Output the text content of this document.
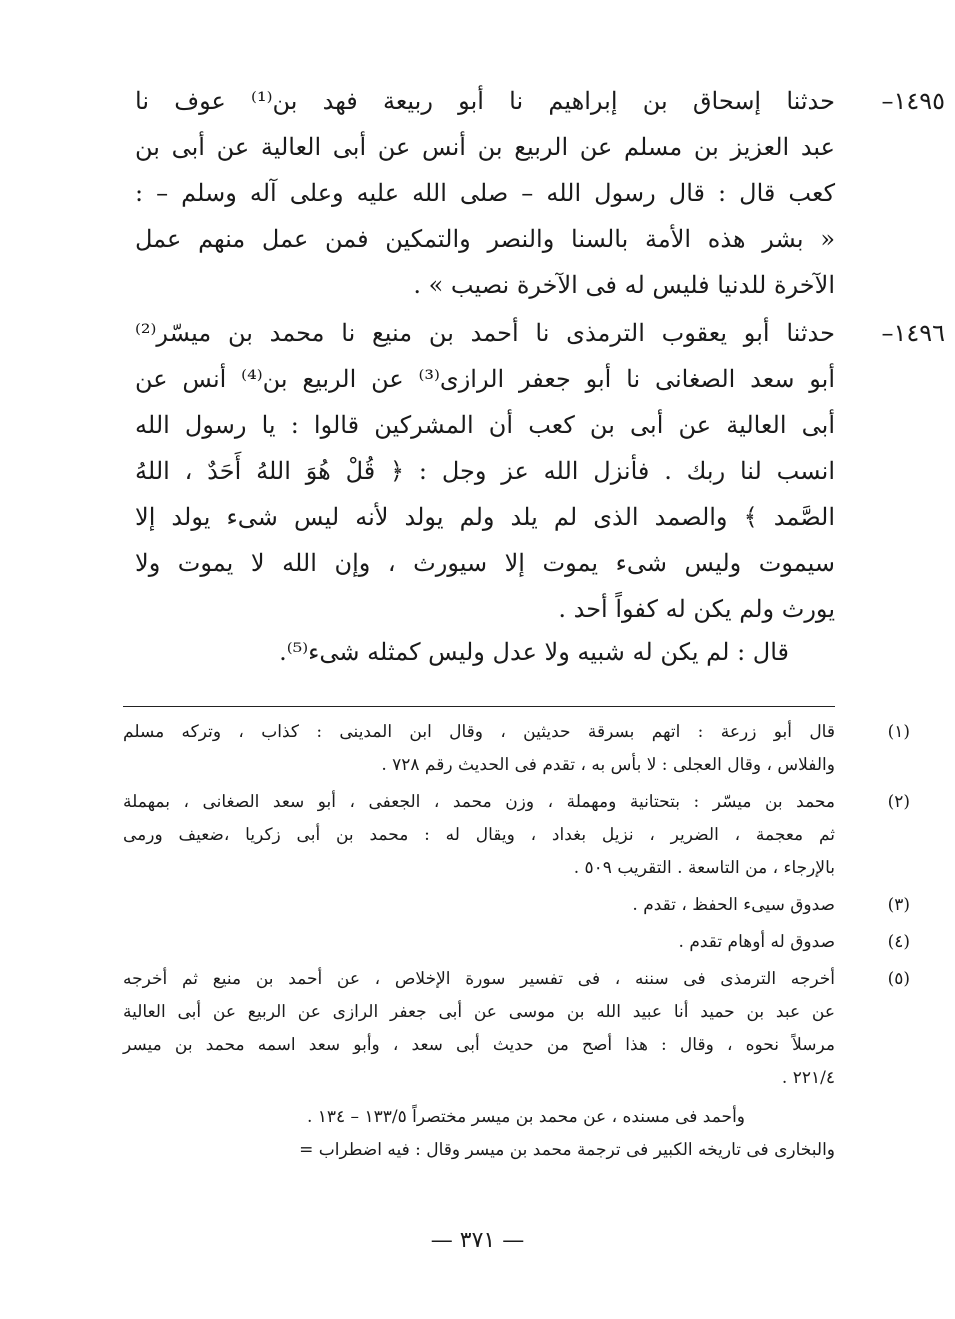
١٤٩٥–
حدثنا إسحاق بن إبراهيم نا أبو ربيعة فهد بن⁽¹⁾ عوف نا
عبد العزيز بن مسلم عن الربيع بن أنس عن أبى العالية عن أبى بن
كعب قال : قال رسول الله – صلى الله عليه وعلى آله وسلم – :
« بشر هذه الأمة بالسنا والنصر والتمكين فمن عمل منهم عمل
الآخرة للدنيا فليس له فى الآخرة نصيب » .
١٤٩٦–
حدثنا أبو يعقوب الترمذى نا أحمد بن منيع نا محمد بن ميسّر⁽²⁾
أبو سعد الصغانى نا أبو جعفر الرازى⁽³⁾ عن الربيع بن⁽⁴⁾ أنس عن
أبى العالية عن أبى بن كعب أن المشركين قالوا : يا رسول الله
انسب لنا ربك . فأنزل الله عز وجل : ﴿ قُلْ هُوَ اللهُ أَحَدٌ ، اللهُ
الصَّمد ﴾ والصمد الذى لم يلد ولم يولد لأنه ليس شىء يولد إلا
سيموت وليس شىء يموت إلا سيورث ، وإن الله لا يموت ولا
يورث ولم يكن له كفواً أحد .
قال : لم يكن له شبيه ولا عدل وليس كمثله شىء⁽⁵⁾.
(١)
قال أبو زرعة : اتهم بسرقة حديثين ، وقال ابن المدينى : كذاب ، وتركه مسلم
والفلاس ، وقال العجلى : لا بأس به ، تقدم فى الحديث رقم ٧٢٨ .
(٢)
محمد بن ميسّر : بتحتانية ومهملة ، وزن محمد ، الجعفى ، أبو سعد الصغانى ، بمهملة
ثم معجمة ، الضرير ، نزيل بغداد ، ويقال له : محمد بن أبى زكريا ،ضعيف ورمى
بالإرجاء ، من التاسعة . التقريب ٥٠٩ .
(٣)
صدوق سيىء الحفظ ، تقدم .
(٤)
صدوق له أوهام تقدم .
(٥)
أخرجه الترمذى فى سننه ، فى تفسير سورة الإخلاص ، عن أحمد بن منيع ثم أخرجه
عن عبد بن حميد أنا عبيد الله بن موسى عن أبى جعفر الرازى عن الربيع عن أبى العالية
مرسلاً نحوه ، وقال : هذا أصح من حديث أبى سعد ، وأبو سعد اسمه محمد بن ميسر
٢٢١/٤ .
وأحمد فى مسنده ، عن محمد بن ميسر مختصراً ١٣٣/٥ – ١٣٤ .
والبخارى فى تاريخه الكبير فى ترجمة محمد بن ميسر وقال : فيه اضطراب =
— ٣٧١ —
